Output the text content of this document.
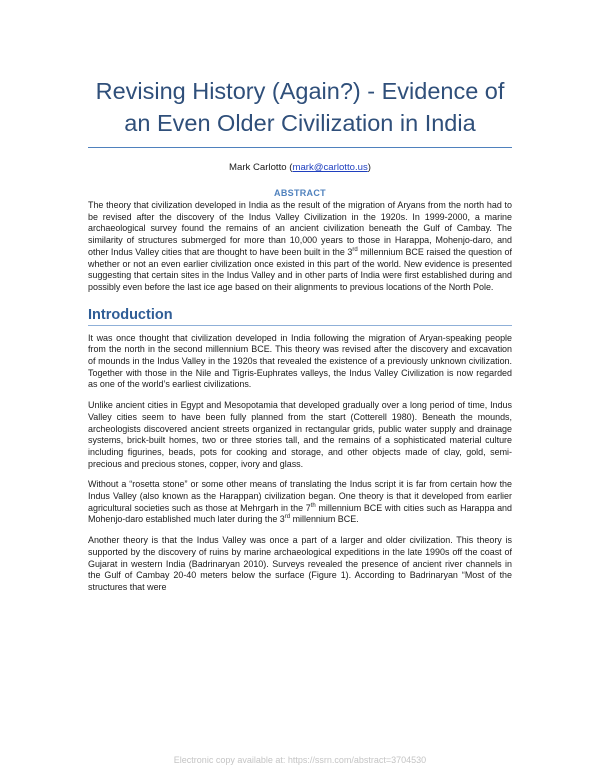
Revising History (Again?) - Evidence of
an Even Older Civilization in India
Mark Carlotto (mark@carlotto.us)
ABSTRACT

The theory that civilization developed in India as the result of the migration of Aryans from the north had to be revised after the discovery of the Indus Valley Civilization in the 1920s. In 1999-2000, a marine archaeological survey found the remains of an ancient civilization beneath the Gulf of Cambay. The similarity of structures submerged for more than 10,000 years to those in Harappa, Mohenjo-daro, and other Indus Valley cities that are thought to have been built in the 3rd millennium BCE raised the question of whether or not an even earlier civilization once existed in this part of the world. New evidence is presented suggesting that certain sites in the Indus Valley and in other parts of India were first established during and possibly even before the last ice age based on their alignments to previous locations of the North Pole.

Introduction

It was once thought that civilization developed in India following the migration of Aryan-speaking people from the north in the second millennium BCE. This theory was revised after the discovery and excavation of mounds in the Indus Valley in the 1920s that revealed the existence of a previously unknown civilization. Together with those in the Nile and Tigris-Euphrates valleys, the Indus Valley Civilization is now regarded as one of the world’s earliest civilizations.

Unlike ancient cities in Egypt and Mesopotamia that developed gradually over a long period of time, Indus Valley cities seem to have been fully planned from the start (Cotterell 1980). Beneath the mounds, archeologists discovered ancient streets organized in rectangular grids, public water supply and drainage systems, brick-built homes, two or three stories tall, and the remains of a sophisticated material culture including figurines, beads, pots for cooking and storage, and other objects made of clay, gold, semi-precious and precious stones, copper, ivory and glass.

Without a “rosetta stone” or some other means of translating the Indus script it is far from certain how the Indus Valley (also known as the Harappan) civilization began. One theory is that it developed from earlier agricultural societies such as those at Mehrgarh in the 7th millennium BCE with cities such as Harappa and Mohenjo-daro established much later during the 3rd millennium BCE.

Another theory is that the Indus Valley was once a part of a larger and older civilization. This theory is supported by the discovery of ruins by marine archaeological expeditions in the late 1990s off the coast of Gujarat in western India (Badrinaryan 2010). Surveys revealed the presence of ancient river channels in the Gulf of Cambay 20-40 meters below the surface (Figure 1). According to Badrinaryan “Most of the structures that were

Electronic copy available at: https://ssrn.com/abstract=3704530
